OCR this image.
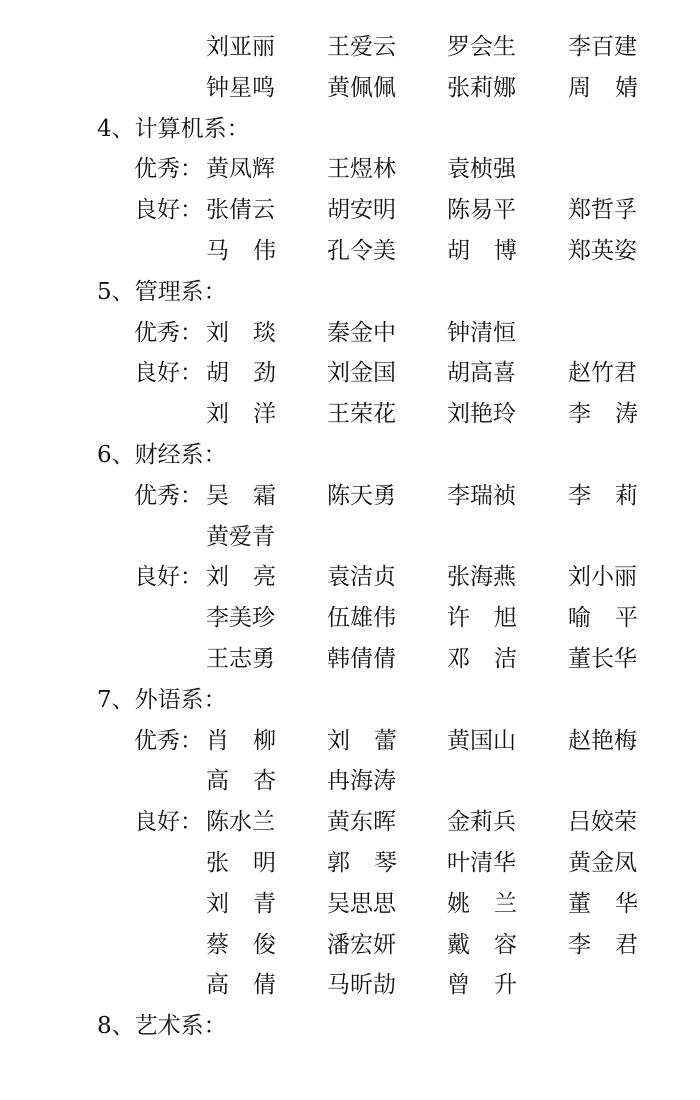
刘亚丽 王爱云 罗会生 李百建
钟星鸣 黄佩佩 张莉娜 周 婧
4、计算机系：
优秀： 黄凤辉 王煜林 袁桢强
良好： 张倩云 胡安明 陈易平 郑哲孚
马 伟 孔令美 胡 博 郑英姿
5、管理系：
优秀： 刘 琰 秦金中 钟清恒
良好： 胡 劲 刘金国 胡高喜 赵竹君
刘 洋 王荣花 刘艳玲 李 涛
6、财经系：
优秀： 吴 霜 陈天勇 李瑞祯 李 莉
黄爱青
良好： 刘 亮 袁洁贞 张海燕 刘小丽
李美珍 伍雄伟 许 旭 喻 平
王志勇 韩倩倩 邓 洁 董长华
7、外语系：
优秀： 肖 柳 刘 蕾 黄国山 赵艳梅
高 杏 冉海涛
良好： 陈水兰 黄东晖 金莉兵 吕姣荣
张 明 郭 琴 叶清华 黄金凤
刘 青 吴思思 姚 兰 董 华
蔡 俊 潘宏妍 戴 容 李 君
高 倩 马昕劼 曾 升
8、艺术系：
